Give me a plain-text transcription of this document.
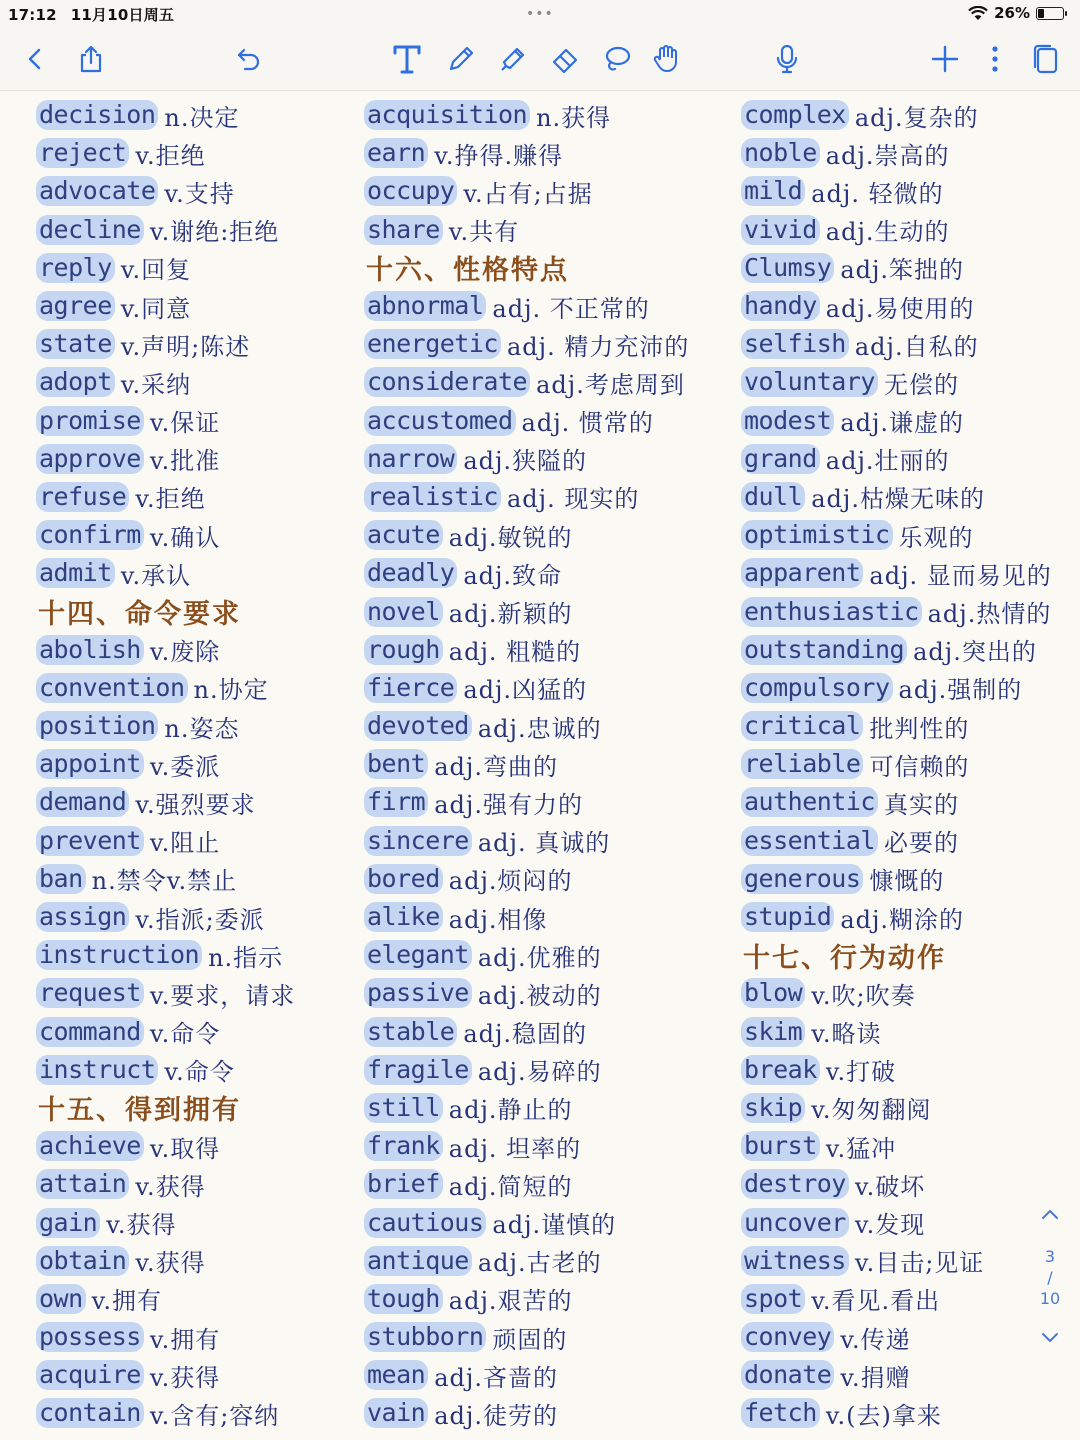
17:12 11月10日周五	•••	26%
decision n.决定
reject v.拒绝
advocate v.支持
decline v.谢绝:拒绝
reply v.回复
agree v.同意
state v.声明;陈述
adopt v.采纳
promise v.保证
approve v.批准
refuse v.拒绝
confirm v.确认
admit v.承认
十四、命令要求
abolish v.废除
convention n.协定
position n.姿态
appoint v.委派
demand v.强烈要求
prevent v.阻止
ban n.禁令v.禁止
assign v.指派;委派
instruction n.指示
request v.要求，请求
command v.命令
instruct v.命令
十五、得到拥有
achieve v.取得
attain v.获得
gain v.获得
obtain v.获得
own v.拥有
possess v.拥有
acquire v.获得
contain v.含有;容纳
acquisition n.获得
earn v.挣得.赚得
occupy v.占有;占据
share v.共有
十六、性格特点
abnormal adj. 不正常的
energetic adj. 精力充沛的
considerate adj.考虑周到
accustomed adj. 惯常的
narrow adj.狭隘的
realistic adj. 现实的
acute adj.敏锐的
deadly adj.致命
novel adj.新颖的
rough adj. 粗糙的
fierce adj.凶猛的
devoted adj.忠诚的
bent adj.弯曲的
firm adj.强有力的
sincere adj. 真诚的
bored adj.烦闷的
alike adj.相像
elegant adj.优雅的
passive adj.被动的
stable adj.稳固的
fragile adj.易碎的
still adj.静止的
frank adj. 坦率的
brief adj.简短的
cautious adj.谨慎的
antique adj.古老的
tough adj.艰苦的
stubborn 顽固的
mean adj.吝啬的
vain adj.徒劳的
complex adj.复杂的
noble adj.崇高的
mild adj. 轻微的
vivid adj.生动的
Clumsy adj.笨拙的
handy adj.易使用的
selfish adj.自私的
voluntary 无偿的
modest adj.谦虚的
grand adj.壮丽的
dull adj.枯燥无味的
optimistic 乐观的
apparent adj. 显而易见的
enthusiastic adj.热情的
outstanding adj.突出的
compulsory adj.强制的
critical 批判性的
reliable 可信赖的
authentic 真实的
essential 必要的
generous 慷慨的
stupid adj.糊涂的
十七、行为动作
blow v.吹;吹奏
skim v.略读
break v.打破
skip v.匆匆翻阅
burst v.猛冲
destroy v.破坏
uncover v.发现
witness v.目击;见证
spot v.看见.看出
convey v.传递
donate v.捐赠
fetch v.(去)拿来
3
/
10
